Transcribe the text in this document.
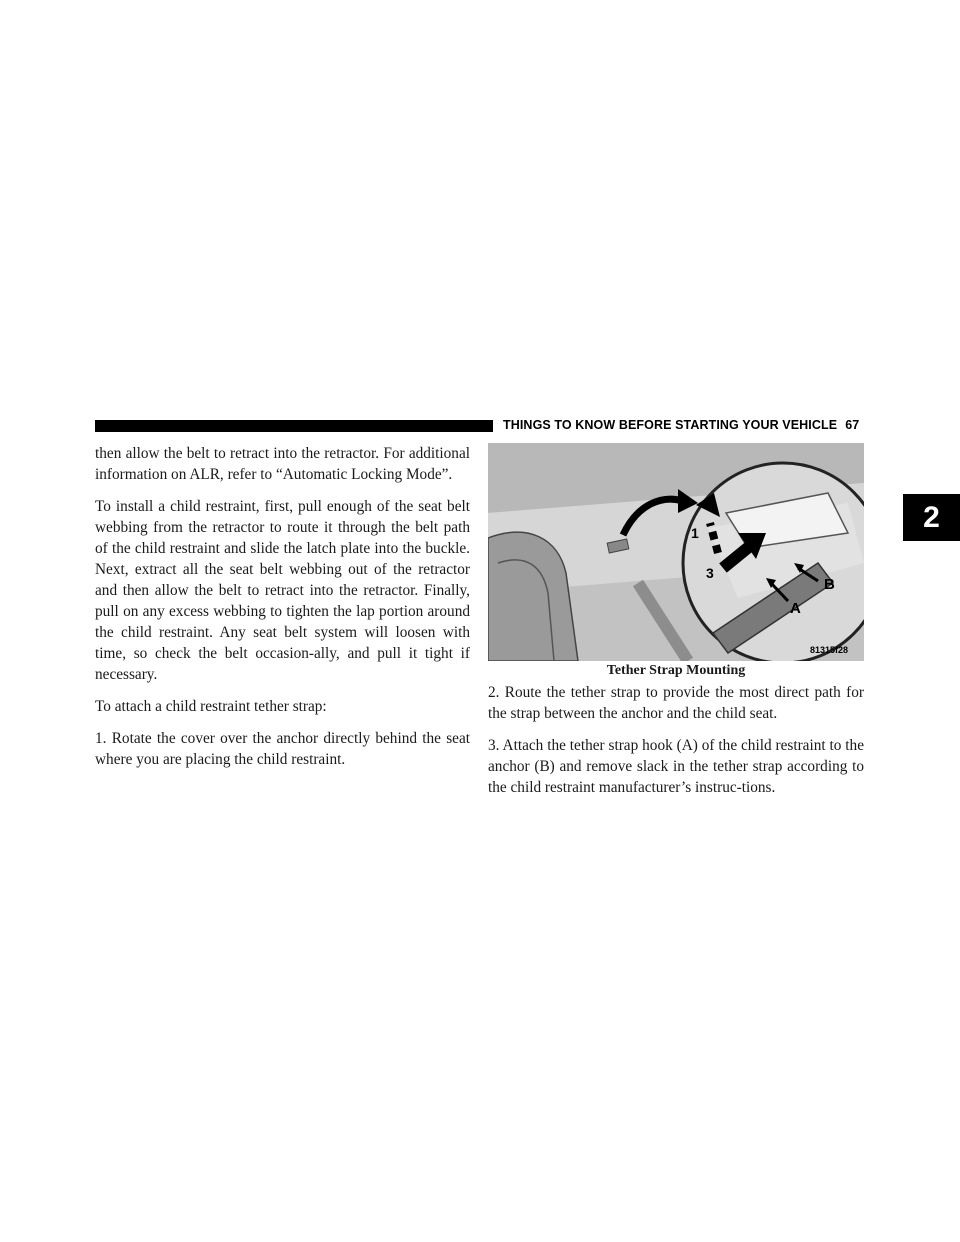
THINGS TO KNOW BEFORE STARTING YOUR VEHICLE 67
2

then allow the belt to retract into the retractor. For additional information on ALR, refer to “Automatic Locking Mode”.

To install a child restraint, first, pull enough of the seat belt webbing from the retractor to route it through the belt path of the child restraint and slide the latch plate into the buckle. Next, extract all the seat belt webbing out of the retractor and then allow the belt to retract into the retractor. Finally, pull on any excess webbing to tighten the lap portion around the child restraint. Any seat belt system will loosen with time, so check the belt occasion-ally, and pull it tight if necessary.

To attach a child restraint tether strap:

1. Rotate the cover over the anchor directly behind the seat where you are placing the child restraint.

1
3
B
A
81315f28
Tether Strap Mounting

2. Route the tether strap to provide the most direct path for the strap between the anchor and the child seat.

3. Attach the tether strap hook (A) of the child restraint to the anchor (B) and remove slack in the tether strap according to the child restraint manufacturer’s instruc-tions.
